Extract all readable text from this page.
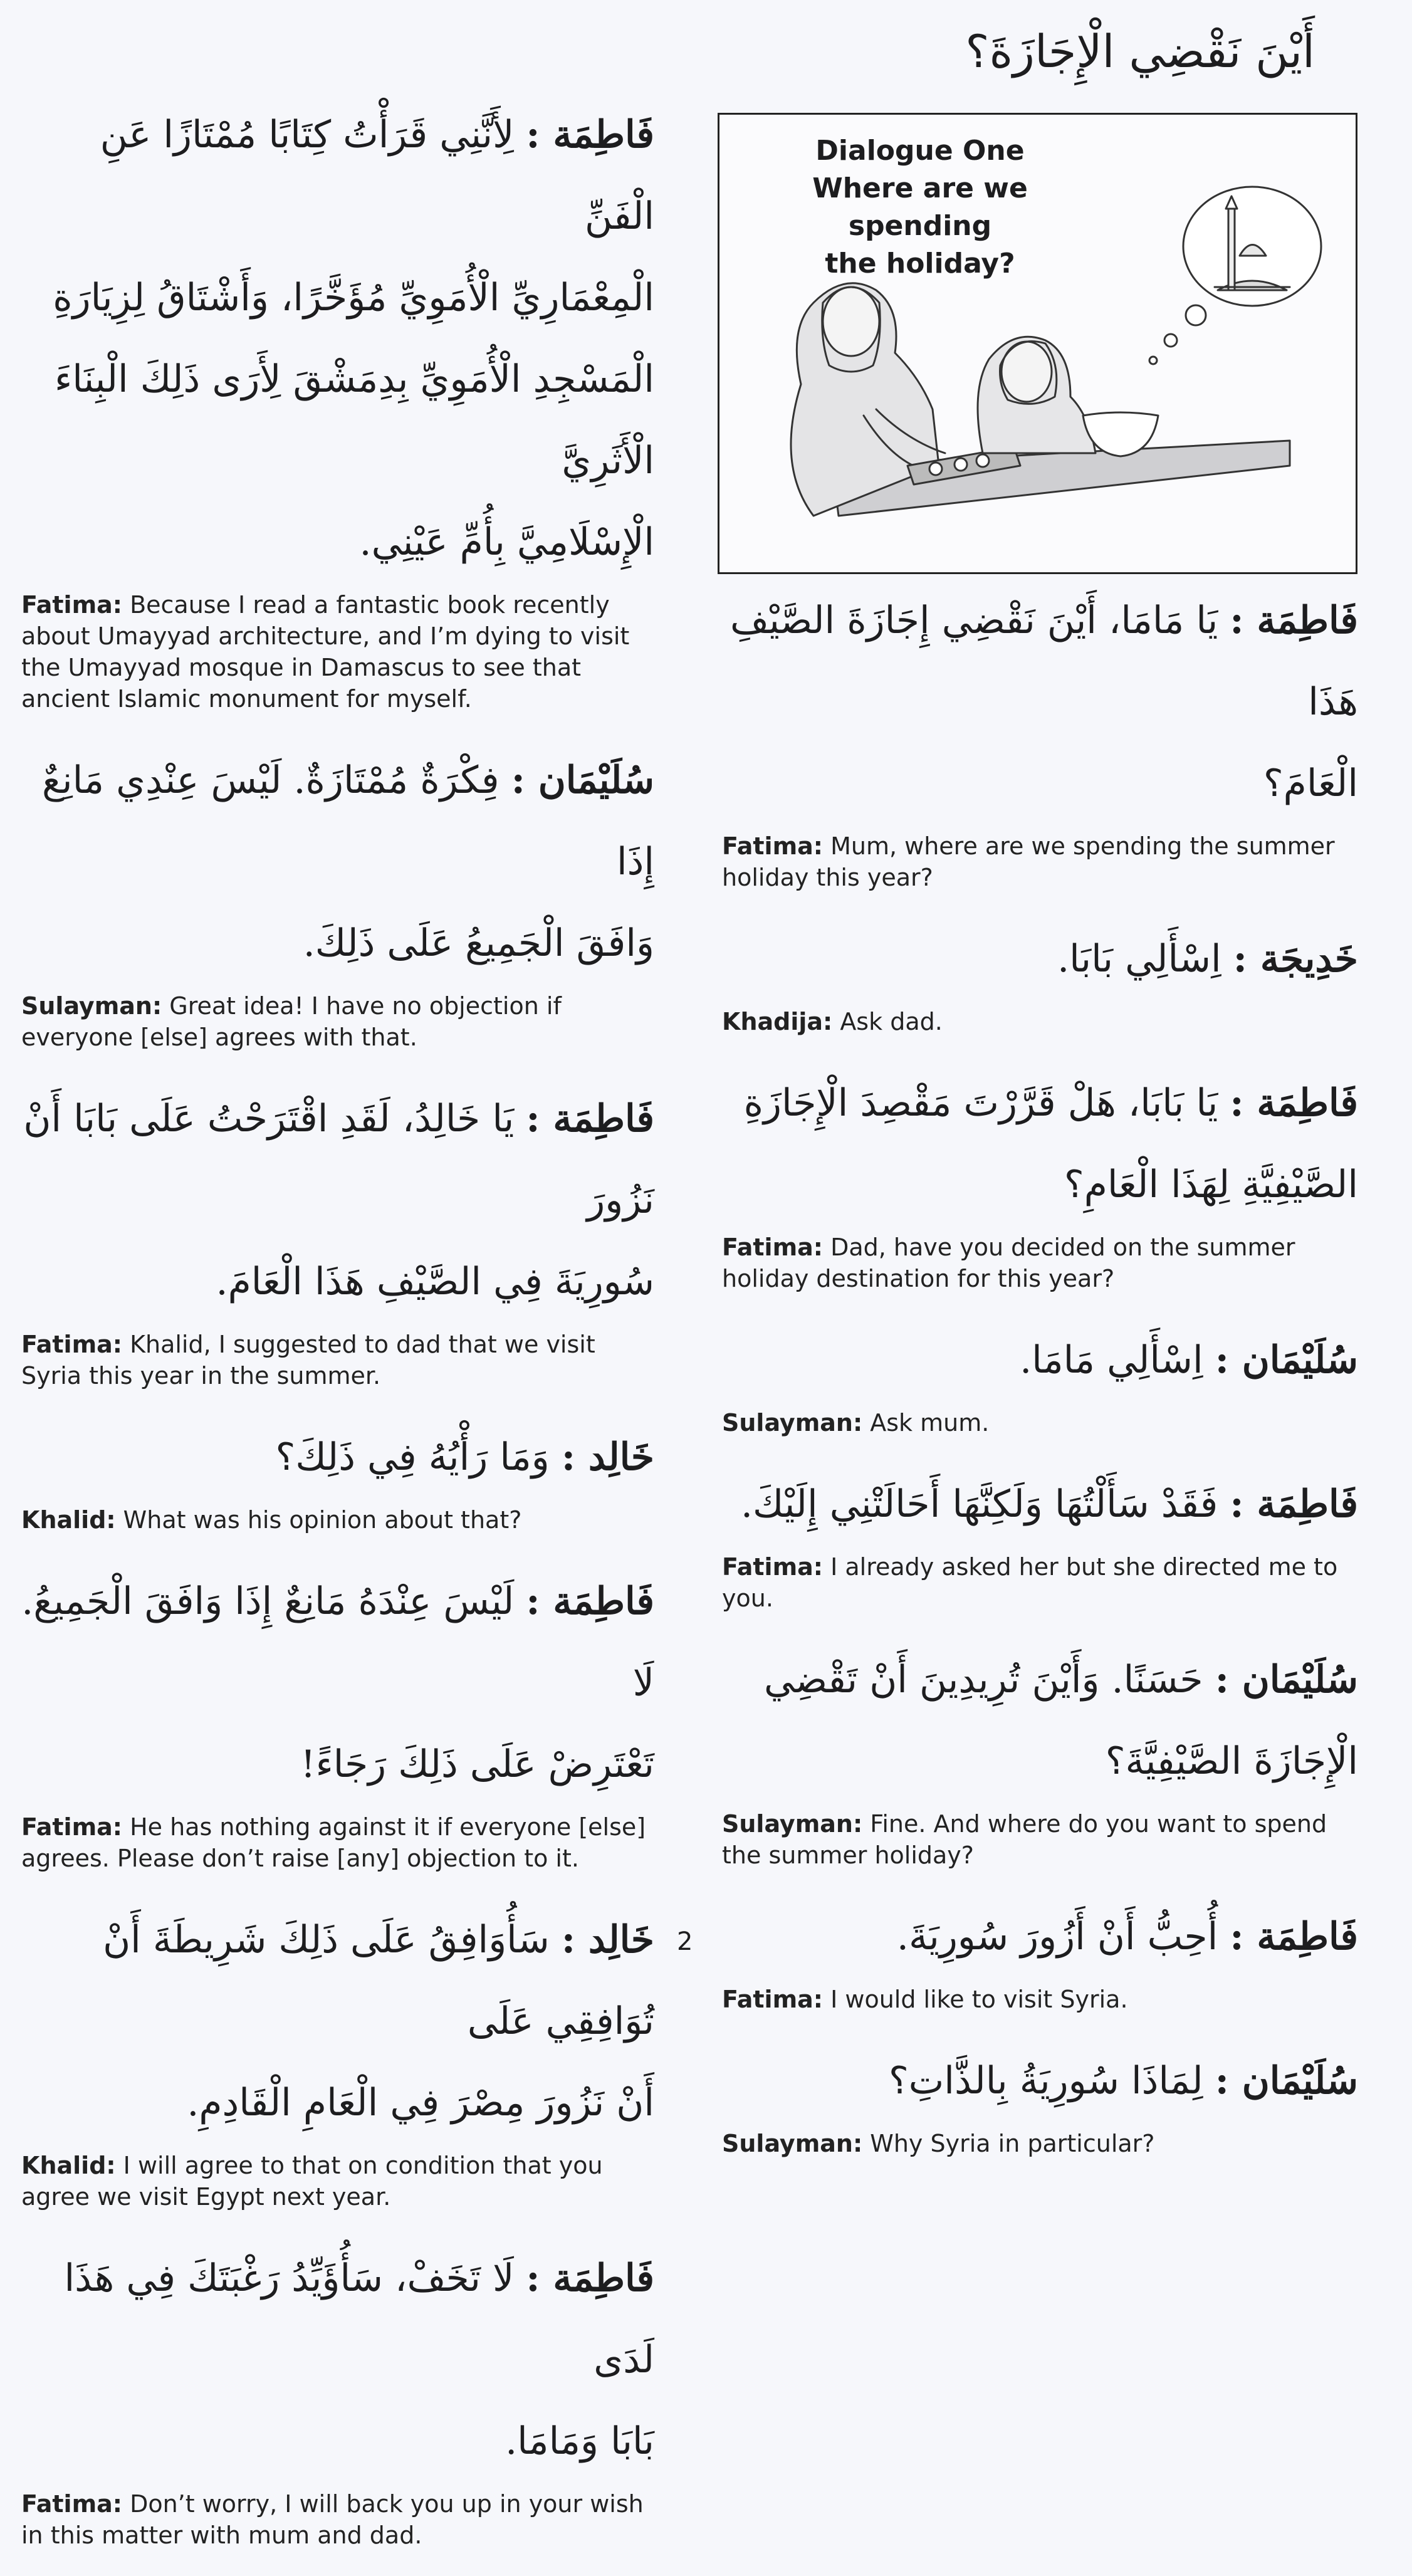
أَيْنَ نَقْضِي الْإِجَازَةَ؟
Dialogue One
Where are we spending
the holiday?

فَاطِمَة : لِأَنَّنِي قَرَأْتُ كِتَابًا مُمْتَازًا عَنِ الْفَنِّ

الْمِعْمَارِيِّ الْأُمَوِيِّ مُؤَخَّرًا، وَأَشْتَاقُ لِزِيَارَةِ

الْمَسْجِدِ الْأُمَوِيِّ بِدِمَشْقَ لِأَرَى ذَلِكَ الْبِنَاءَ الْأَثَرِيَّ

الْإِسْلَامِيَّ بِأُمِّ عَيْنِي.

Fatima: Because I read a fantastic book recently about Umayyad architecture, and I’m dying to visit the Umayyad mosque in Damascus to see that ancient Islamic monument for myself.

سُلَيْمَان : فِكْرَةٌ مُمْتَازَةٌ. لَيْسَ عِنْدِي مَانِعٌ إِذَا

وَافَقَ الْجَمِيعُ عَلَى ذَلِكَ.

Sulayman: Great idea! I have no objection if everyone [else] agrees with that.

فَاطِمَة : يَا خَالِدُ، لَقَدِ اقْتَرَحْتُ عَلَى بَابَا أَنْ نَزُورَ

سُورِيَةَ فِي الصَّيْفِ هَذَا الْعَامَ.

Fatima: Khalid, I suggested to dad that we visit Syria this year in the summer.

خَالِد : وَمَا رَأْيُهُ فِي ذَلِكَ؟

Khalid: What was his opinion about that?

فَاطِمَة : لَيْسَ عِنْدَهُ مَانِعٌ إِذَا وَافَقَ الْجَمِيعُ. لَا

تَعْتَرِضْ عَلَى ذَلِكَ رَجَاءً!

Fatima: He has nothing against it if everyone [else] agrees. Please don’t raise [any] objection to it.

خَالِد : سَأُوَافِقُ عَلَى ذَلِكَ شَرِيطَةَ أَنْ تُوَافِقِي عَلَى

أَنْ نَزُورَ مِصْرَ فِي الْعَامِ الْقَادِمِ.

Khalid: I will agree to that on condition that you agree we visit Egypt next year.

فَاطِمَة : لَا تَخَفْ، سَأُؤَيِّدُ رَغْبَتَكَ فِي هَذَا لَدَى

بَابَا وَمَامَا.

Fatima: Don’t worry, I will back you up in your wish in this matter with mum and dad.

فَاطِمَة : يَا مَامَا، أَيْنَ نَقْضِي إِجَازَةَ الصَّيْفِ هَذَا

الْعَامَ؟

Fatima: Mum, where are we spending the summer holiday this year?

خَدِيجَة : اِسْأَلِي بَابَا.

Khadija: Ask dad.

فَاطِمَة : يَا بَابَا، هَلْ قَرَّرْتَ مَقْصِدَ الْإِجَازَةِ

الصَّيْفِيَّةِ لِهَذَا الْعَامِ؟

Fatima: Dad, have you decided on the summer holiday destination for this year?

سُلَيْمَان : اِسْأَلِي مَامَا.

Sulayman: Ask mum.

فَاطِمَة : فَقَدْ سَأَلْتُهَا وَلَكِنَّهَا أَحَالَتْنِي إِلَيْكَ.

Fatima: I already asked her but she directed me to you.

سُلَيْمَان : حَسَنًا. وَأَيْنَ تُرِيدِينَ أَنْ تَقْضِي

الْإِجَازَةَ الصَّيْفِيَّةَ؟

Sulayman: Fine. And where do you want to spend the summer holiday?

فَاطِمَة : أُحِبُّ أَنْ أَزُورَ سُورِيَةَ.

Fatima: I would like to visit Syria.

سُلَيْمَان : لِمَاذَا سُورِيَةُ بِالذَّاتِ؟

Sulayman: Why Syria in particular?

2
